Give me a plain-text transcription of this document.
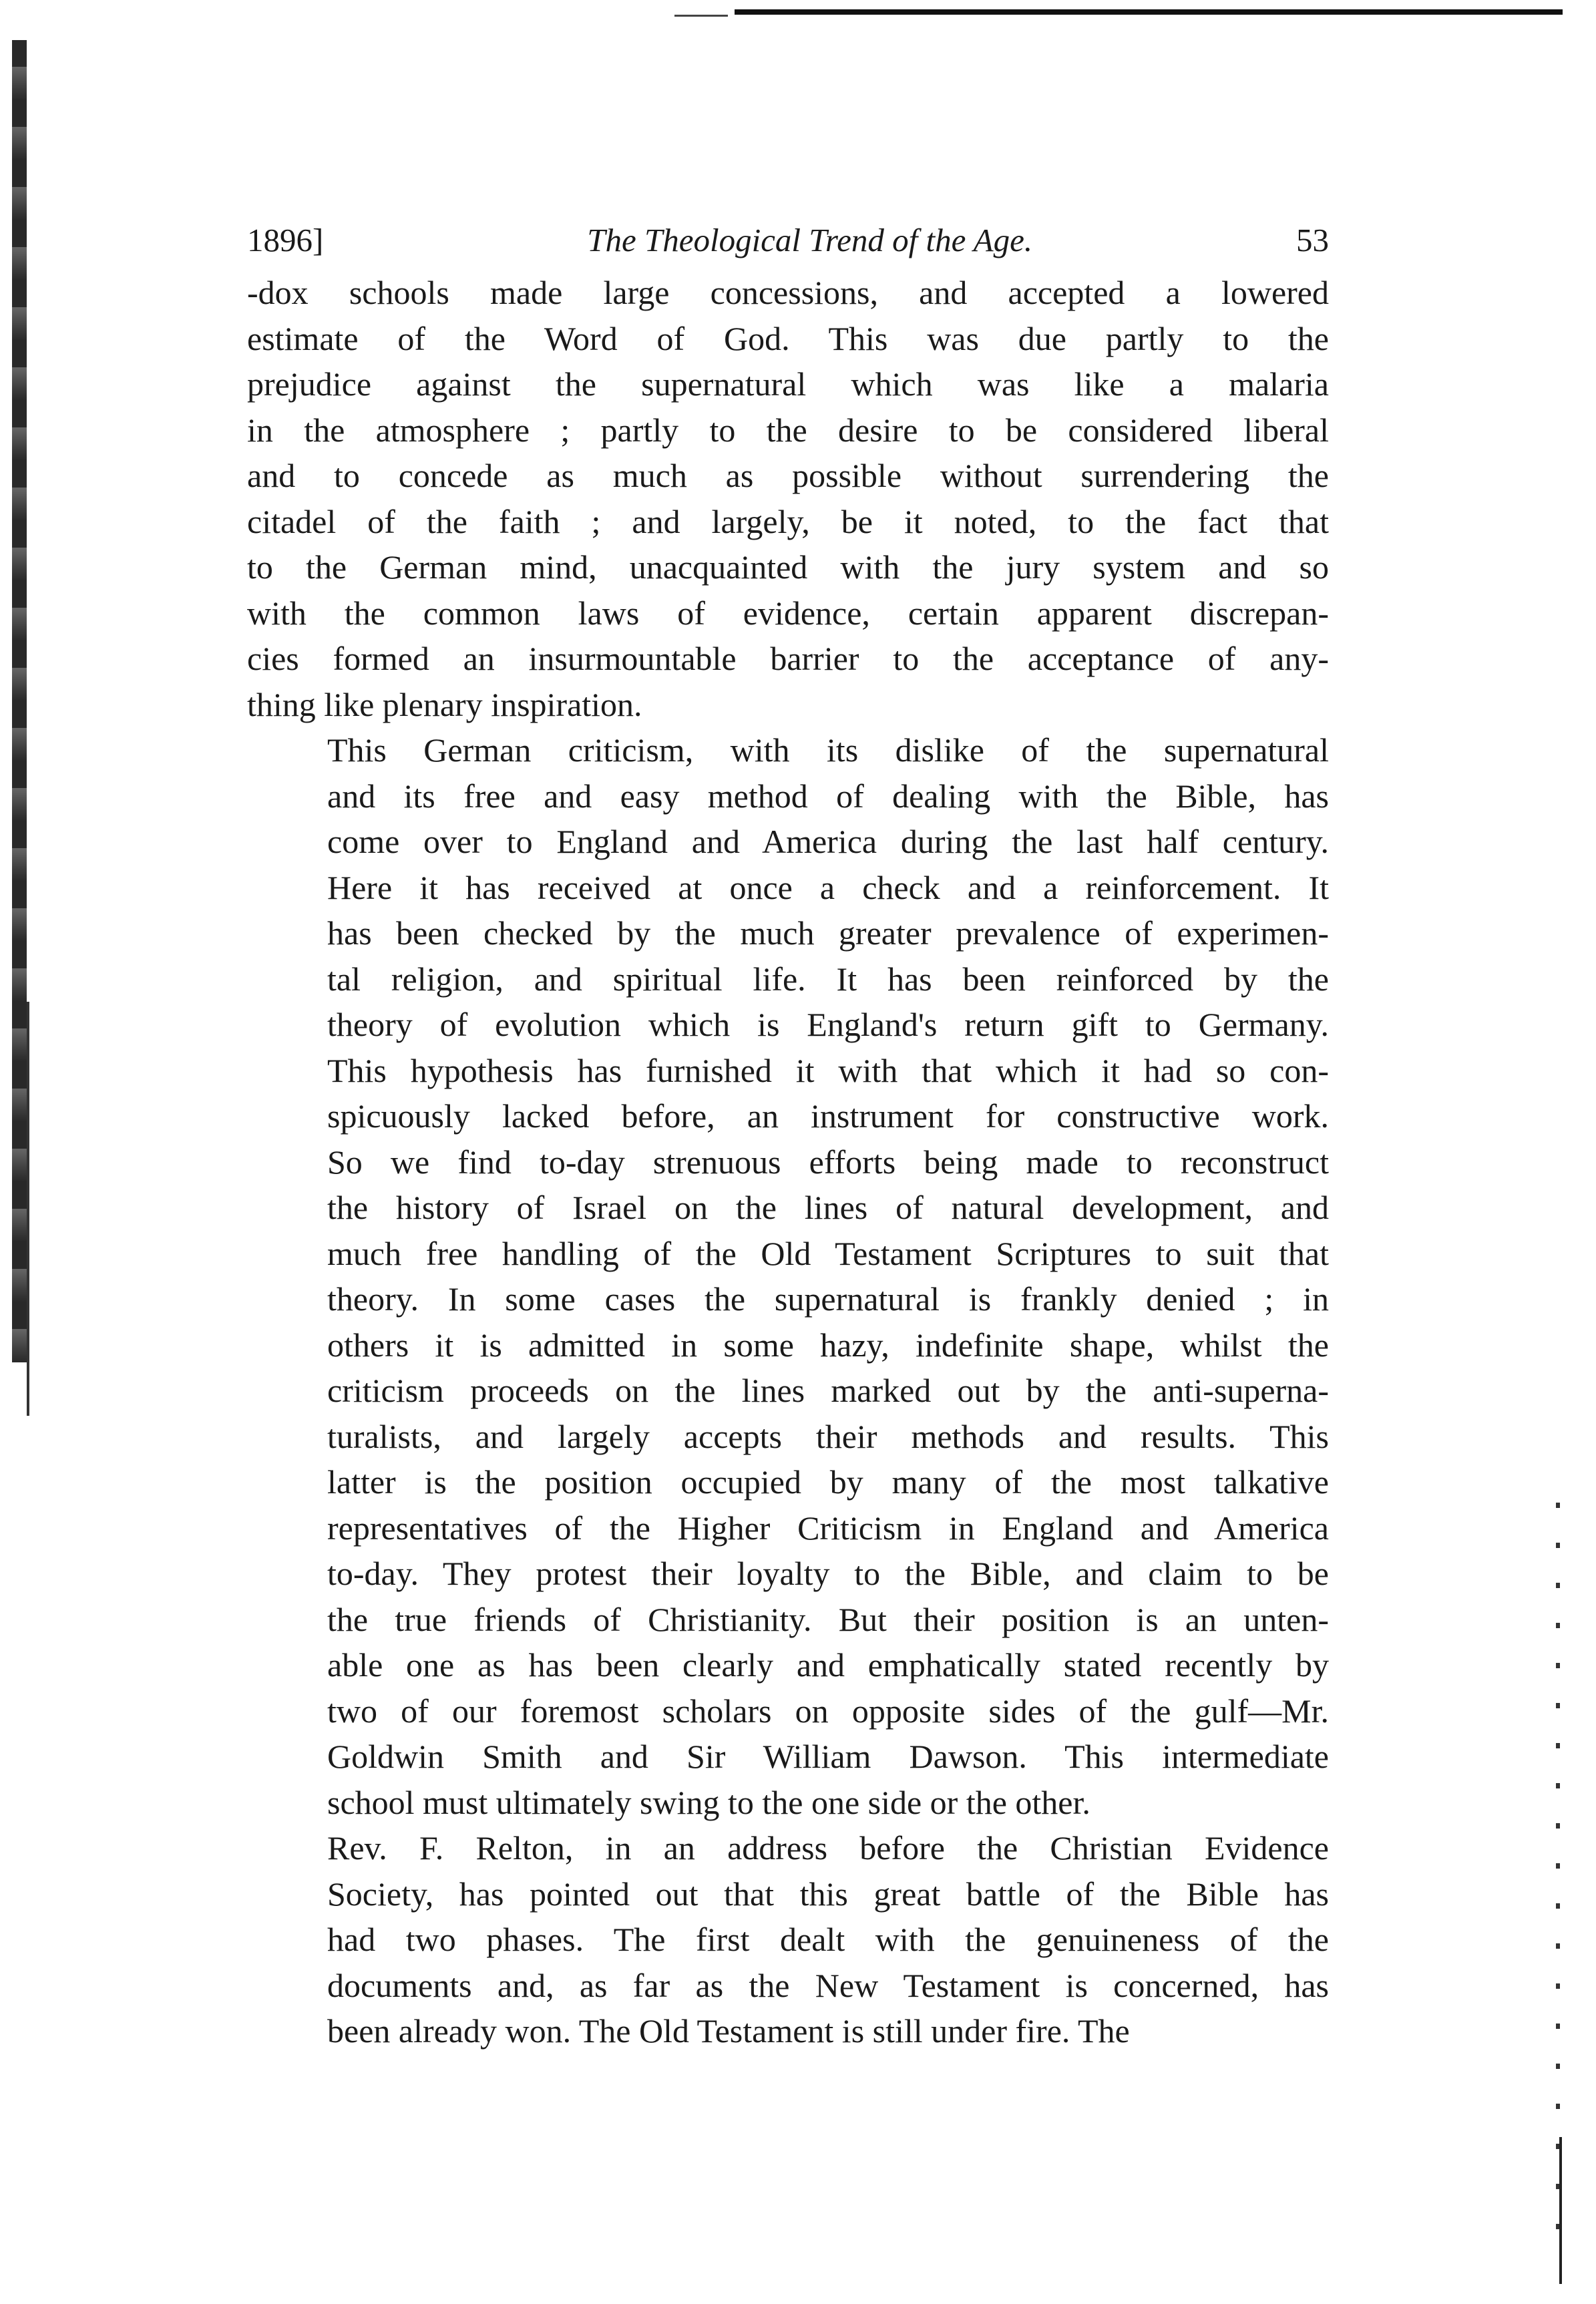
1896]	The Theological Trend of the Age.	53

-dox schools made large concessions, and accepted a lowered
estimate of the Word of God. This was due partly to the
prejudice against the supernatural which was like a malaria
in the atmosphere ; partly to the desire to be considered liberal
and to concede as much as possible without surrendering the
citadel of the faith ; and largely, be it noted, to the fact that
to the German mind, unacquainted with the jury system and so
with the common laws of evidence, certain apparent discrepan-
cies formed an insurmountable barrier to the acceptance of any-
thing like plenary inspiration.

This German criticism, with its dislike of the supernatural
and its free and easy method of dealing with the Bible, has
come over to England and America during the last half century.
Here it has received at once a check and a reinforcement. It
has been checked by the much greater prevalence of experimen-
tal religion, and spiritual life. It has been reinforced by the
theory of evolution which is England's return gift to Germany.
This hypothesis has furnished it with that which it had so con-
spicuously lacked before, an instrument for constructive work.
So we find to-day strenuous efforts being made to reconstruct
the history of Israel on the lines of natural development, and
much free handling of the Old Testament Scriptures to suit that
theory. In some cases the supernatural is frankly denied ; in
others it is admitted in some hazy, indefinite shape, whilst the
criticism proceeds on the lines marked out by the anti-superna-
turalists, and largely accepts their methods and results. This
latter is the position occupied by many of the most talkative
representatives of the Higher Criticism in England and America
to-day. They protest their loyalty to the Bible, and claim to be
the true friends of Christianity. But their position is an unten-
able one as has been clearly and emphatically stated recently by
two of our foremost scholars on opposite sides of the gulf—Mr.
Goldwin Smith and Sir William Dawson. This intermediate
school must ultimately swing to the one side or the other.

Rev. F. Relton, in an address before the Christian Evidence
Society, has pointed out that this great battle of the Bible has
had two phases. The first dealt with the genuineness of the
documents and, as far as the New Testament is concerned, has
been already won. The Old Testament is still under fire. The
